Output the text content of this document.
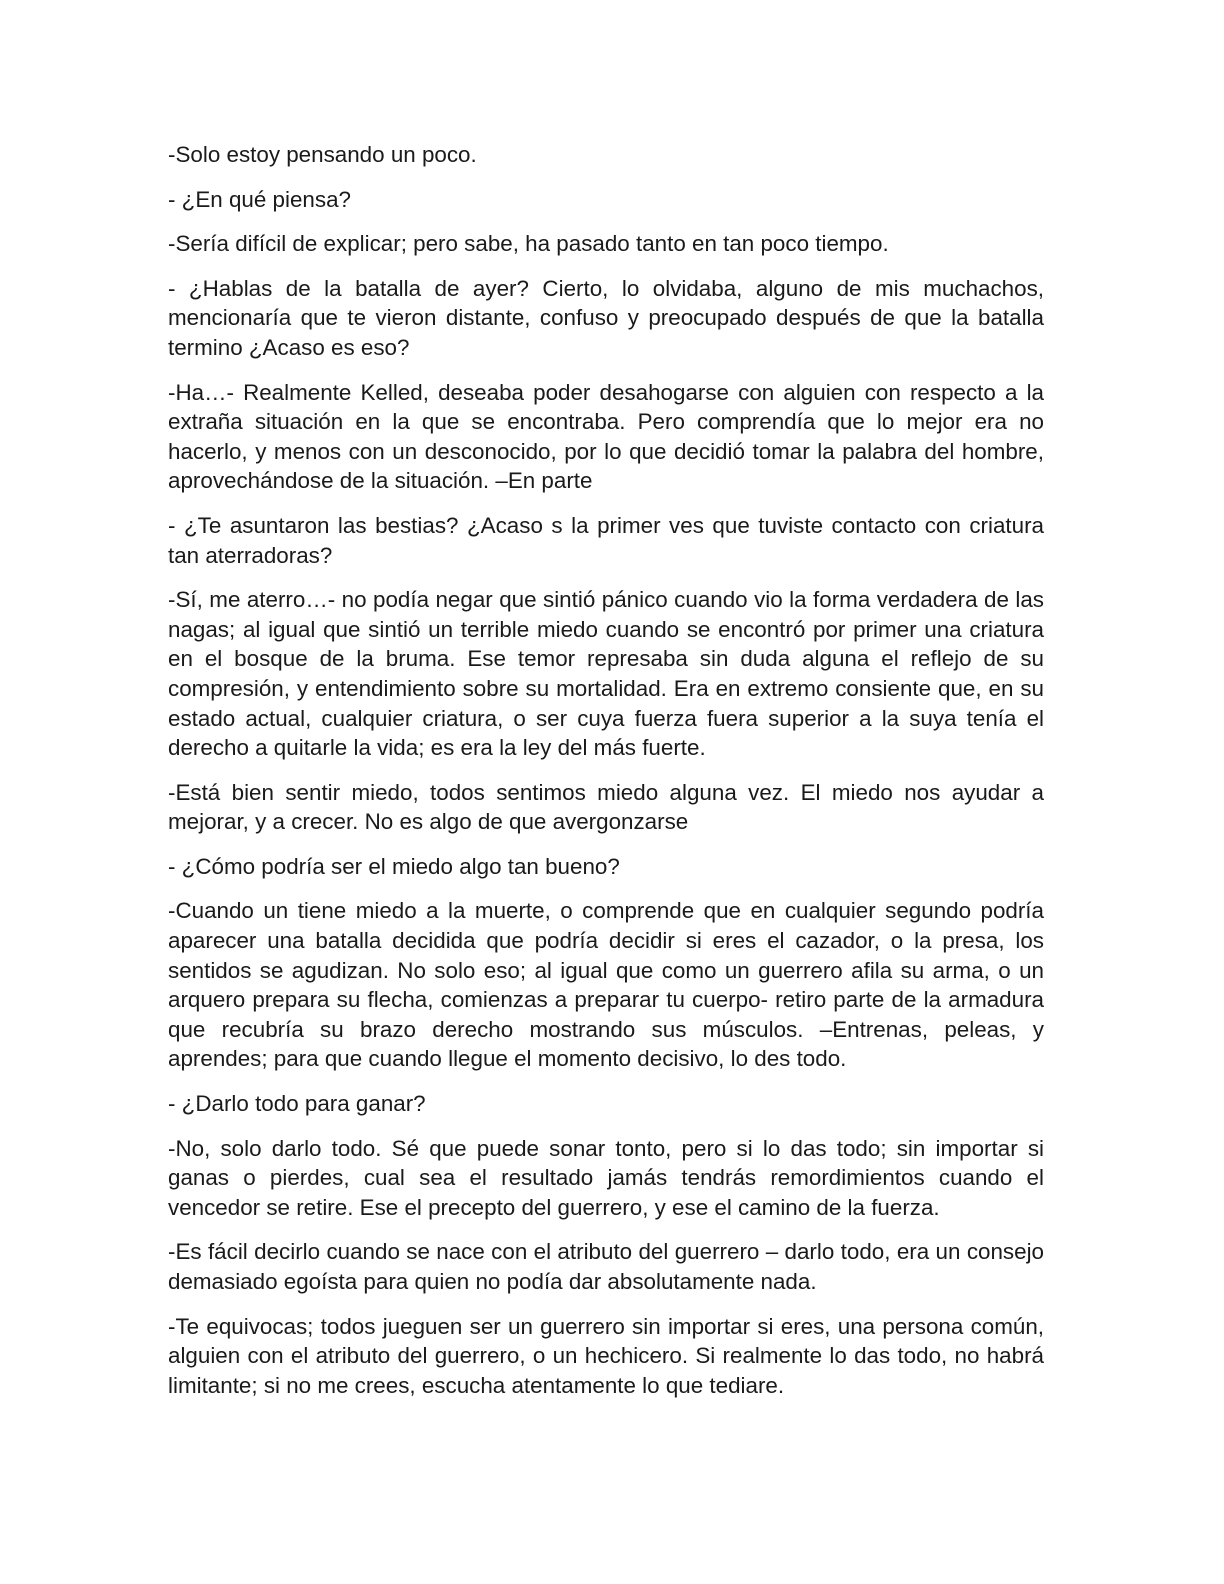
-Solo estoy pensando un poco.

- ¿En qué piensa?

-Sería difícil de explicar; pero sabe, ha pasado tanto en tan poco tiempo.

- ¿Hablas de la batalla de ayer? Cierto, lo olvidaba, alguno de mis muchachos, mencionaría que te vieron distante, confuso y preocupado después de que la batalla termino ¿Acaso es eso?

-Ha…- Realmente Kelled, deseaba poder desahogarse con alguien con respecto a la extraña situación en la que se encontraba. Pero comprendía que lo mejor era no hacerlo, y menos con un desconocido, por lo que decidió tomar la palabra del hombre, aprovechándose de la situación. –En parte

- ¿Te asuntaron las bestias? ¿Acaso s la primer ves que tuviste contacto con criatura tan aterradoras?

-Sí, me aterro…- no podía negar que sintió pánico cuando vio la forma verdadera de las nagas; al igual que sintió un terrible miedo cuando se encontró por primer una criatura en el bosque de la bruma. Ese temor represaba sin duda alguna el reflejo de su compresión, y entendimiento sobre su mortalidad. Era en extremo consiente que, en su estado actual, cualquier criatura, o ser cuya fuerza fuera superior a la suya tenía el derecho a quitarle la vida; es era la ley del más fuerte.

-Está bien sentir miedo, todos sentimos miedo alguna vez. El miedo nos ayudar a mejorar, y a crecer. No es algo de que avergonzarse

- ¿Cómo podría ser el miedo algo tan bueno?

-Cuando un tiene miedo a la muerte, o comprende que en cualquier segundo podría aparecer una batalla decidida que podría decidir si eres el cazador, o la presa, los sentidos se agudizan. No solo eso; al igual que como un guerrero afila su arma, o un arquero prepara su flecha, comienzas a preparar tu cuerpo- retiro parte de la armadura que recubría su brazo derecho mostrando sus músculos. –Entrenas, peleas, y aprendes; para que cuando llegue el momento decisivo, lo des todo.

- ¿Darlo todo para ganar?

-No, solo darlo todo. Sé que puede sonar tonto, pero si lo das todo; sin importar si ganas o pierdes, cual sea el resultado jamás tendrás remordimientos cuando el vencedor se retire. Ese el precepto del guerrero, y ese el camino de la fuerza.

-Es fácil decirlo cuando se nace con el atributo del guerrero – darlo todo, era un consejo demasiado egoísta para quien no podía dar absolutamente nada.

-Te equivocas; todos jueguen ser un guerrero sin importar si eres, una persona común, alguien con el atributo del guerrero, o un hechicero. Si realmente lo das todo, no habrá limitante; si no me crees, escucha atentamente lo que tediare.
